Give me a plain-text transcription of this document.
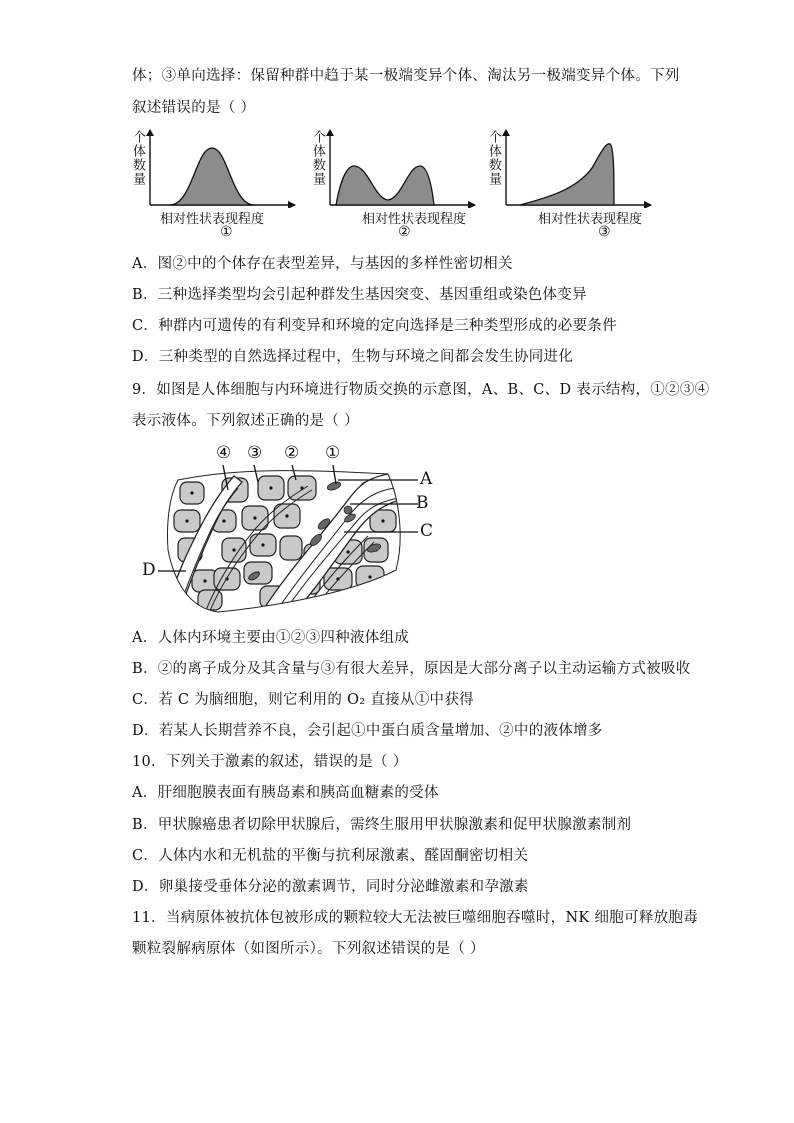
体；③单向选择：保留种群中趋于某一极端变异个体、淘汰另一极端变异个体。下列
叙述错误的是（ ）
个体数量
相对性状表现程度
①
个体数量
相对性状表现程度
②
个体数量
相对性状表现程度
③
A．图②中的个体存在表型差异，与基因的多样性密切相关
B．三种选择类型均会引起种群发生基因突变、基因重组或染色体变异
C．种群内可遗传的有利变异和环境的定向选择是三种类型形成的必要条件
D．三种类型的自然选择过程中，生物与环境之间都会发生协同进化
9．如图是人体细胞与内环境进行物质交换的示意图，A、B、C、D 表示结构，①②③④
表示液体。下列叙述正确的是（ ）
④ ③ ② ①
A
B
C
D
A．人体内环境主要由①②③四种液体组成
B．②的离子成分及其含量与③有很大差异，原因是大部分离子以主动运输方式被吸收
C．若 C 为脑细胞，则它利用的 O₂ 直接从①中获得
D．若某人长期营养不良，会引起①中蛋白质含量增加、②中的液体增多
10．下列关于激素的叙述，错误的是（ ）
A．肝细胞膜表面有胰岛素和胰高血糖素的受体
B．甲状腺癌患者切除甲状腺后，需终生服用甲状腺激素和促甲状腺激素制剂
C．人体内水和无机盐的平衡与抗利尿激素、醛固酮密切相关
D．卵巢接受垂体分泌的激素调节，同时分泌雌激素和孕激素
11．当病原体被抗体包被形成的颗粒较大无法被巨噬细胞吞噬时，NK 细胞可释放胞毒
颗粒裂解病原体（如图所示）。下列叙述错误的是（ ）
